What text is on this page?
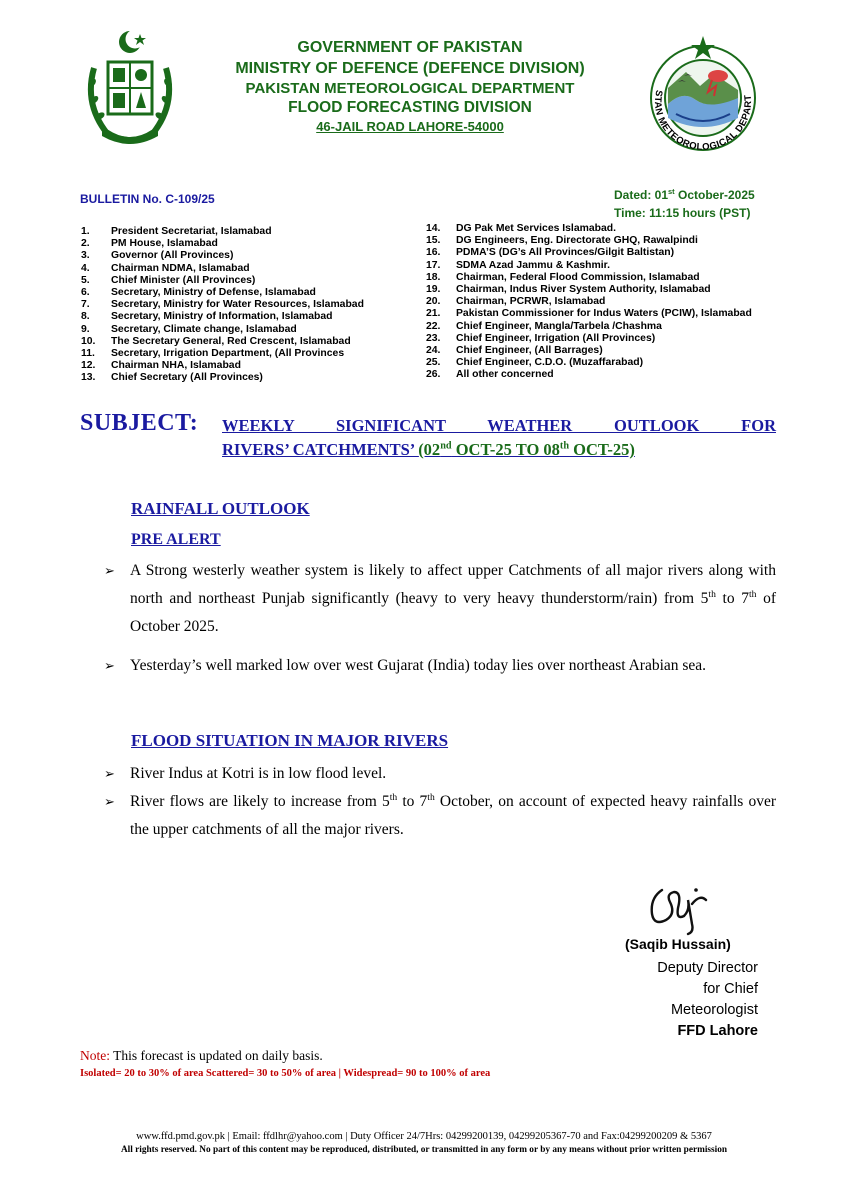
GOVERNMENT OF PAKISTAN
MINISTRY OF DEFENCE (DEFENCE DIVISION)
PAKISTAN METEOROLOGICAL DEPARTMENT
FLOOD FORECASTING DIVISION
46-JAIL ROAD LAHORE-54000
STAN METEOROLOGICAL DEPART
BULLETIN No. C-109/25	Dated: 01st October-2025
Time: 11:15 hours (PST)
1.	President Secretariat, Islamabad
2.	PM House, Islamabad
3.	Governor (All Provinces)
4.	Chairman NDMA, Islamabad
5.	Chief Minister (All Provinces)
6.	Secretary, Ministry of Defense, Islamabad
7.	Secretary, Ministry for Water Resources, Islamabad
8.	Secretary, Ministry of Information, Islamabad
9.	Secretary, Climate change, Islamabad
10.	The Secretary General, Red Crescent, Islamabad
11.	Secretary, Irrigation Department, (All Provinces
12.	Chairman NHA, Islamabad
13.	Chief Secretary (All Provinces)
14.	DG Pak Met Services Islamabad.
15.	DG Engineers, Eng. Directorate GHQ, Rawalpindi
16.	PDMA’S (DG’s All Provinces/Gilgit Baltistan)
17.	SDMA Azad Jammu & Kashmir.
18.	Chairman, Federal Flood Commission, Islamabad
19.	Chairman, Indus River System Authority, Islamabad
20.	Chairman, PCRWR, Islamabad
21.	Pakistan Commissioner for Indus Waters (PCIW), Islamabad
22.	Chief Engineer, Mangla/Tarbela /Chashma
23.	Chief Engineer, Irrigation (All Provinces)
24.	Chief Engineer, (All Barrages)
25.	Chief Engineer, C.D.O. (Muzaffarabad)
26.	All other concerned
SUBJECT: WEEKLY SIGNIFICANT WEATHER OUTLOOK FOR
RIVERS’ CATCHMENTS’ (02nd OCT-25 TO 08th OCT-25)
RAINFALL OUTLOOK
PRE ALERT
➢ A Strong westerly weather system is likely to affect upper Catchments of all major rivers along with north and northeast Punjab significantly (heavy to very heavy thunderstorm/rain) from 5th to 7th of October 2025.
➢ Yesterday’s well marked low over west Gujarat (India) today lies over northeast Arabian sea.
FLOOD SITUATION IN MAJOR RIVERS
➢ River Indus at Kotri is in low flood level.
➢ River flows are likely to increase from 5th to 7th October, on account of expected heavy rainfalls over the upper catchments of all the major rivers.
(Saqib Hussain)
Deputy Director
for Chief Meteorologist
FFD Lahore
Note: This forecast is updated on daily basis.
Isolated= 20 to 30% of area Scattered= 30 to 50% of area | Widespread= 90 to 100% of area
www.ffd.pmd.gov.pk | Email: ffdlhr@yahoo.com | Duty Officer 24/7Hrs: 04299200139, 04299205367-70 and Fax:04299200209 & 5367
All rights reserved. No part of this content may be reproduced, distributed, or transmitted in any form or by any means without prior written permission
